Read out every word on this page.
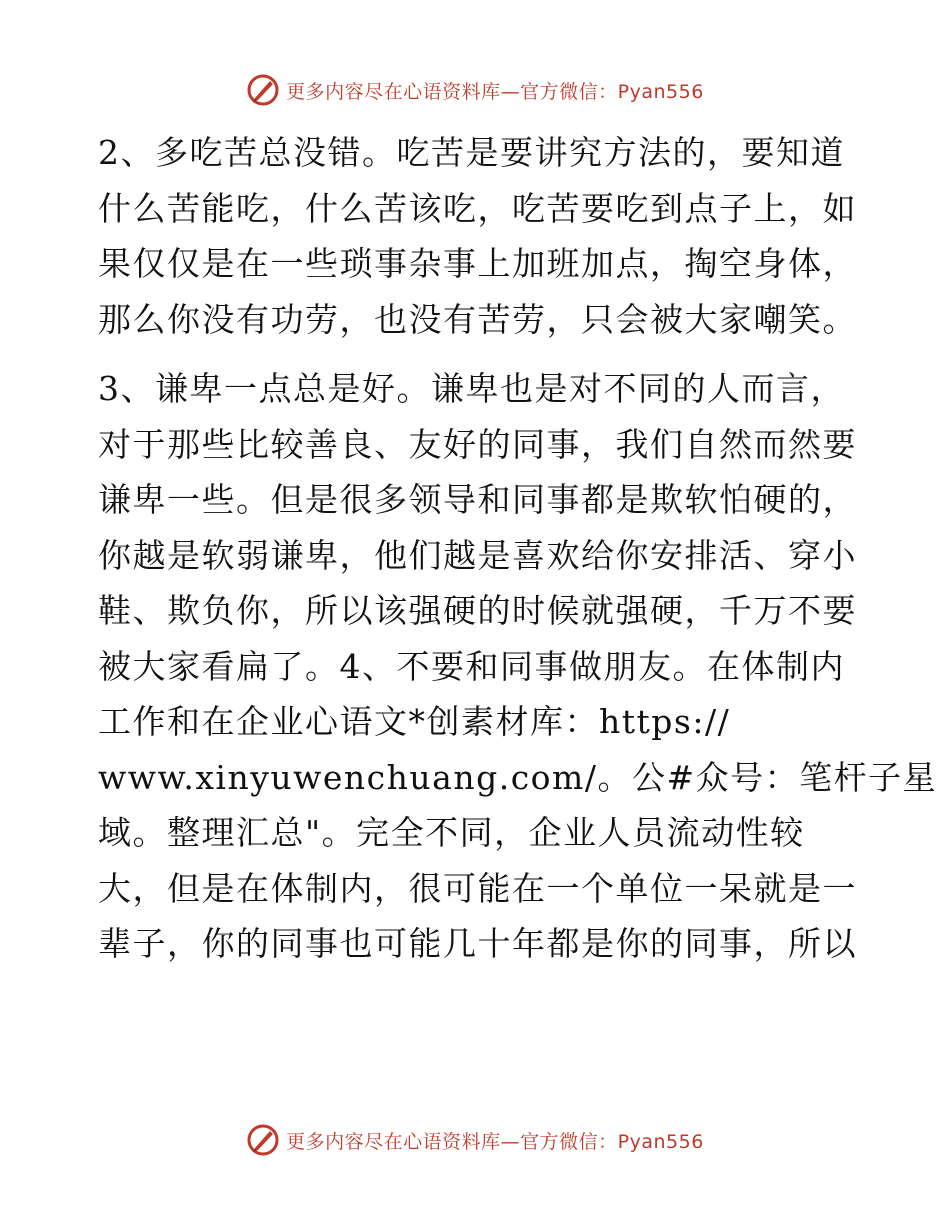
更多内容尽在心语资料库—官方微信：Pyan556

2、多吃苦总没错。吃苦是要讲究方法的，要知道
什么苦能吃，什么苦该吃，吃苦要吃到点子上，如
果仅仅是在一些琐事杂事上加班加点，掏空身体，
那么你没有功劳，也没有苦劳，只会被大家嘲笑。

3、谦卑一点总是好。谦卑也是对不同的人而言，
对于那些比较善良、友好的同事，我们自然而然要
谦卑一些。但是很多领导和同事都是欺软怕硬的，
你越是软弱谦卑，他们越是喜欢给你安排活、穿小
鞋、欺负你，所以该强硬的时候就强硬，千万不要
被大家看扁了。4、不要和同事做朋友。在体制内
工作和在企业心语文*创素材库：https://
www.xinyuwenchuang.com/。公#众号：笔杆子星
域。整理汇总"。完全不同，企业人员流动性较
大，但是在体制内，很可能在一个单位一呆就是一
辈子，你的同事也可能几十年都是你的同事，所以

更多内容尽在心语资料库—官方微信：Pyan556
